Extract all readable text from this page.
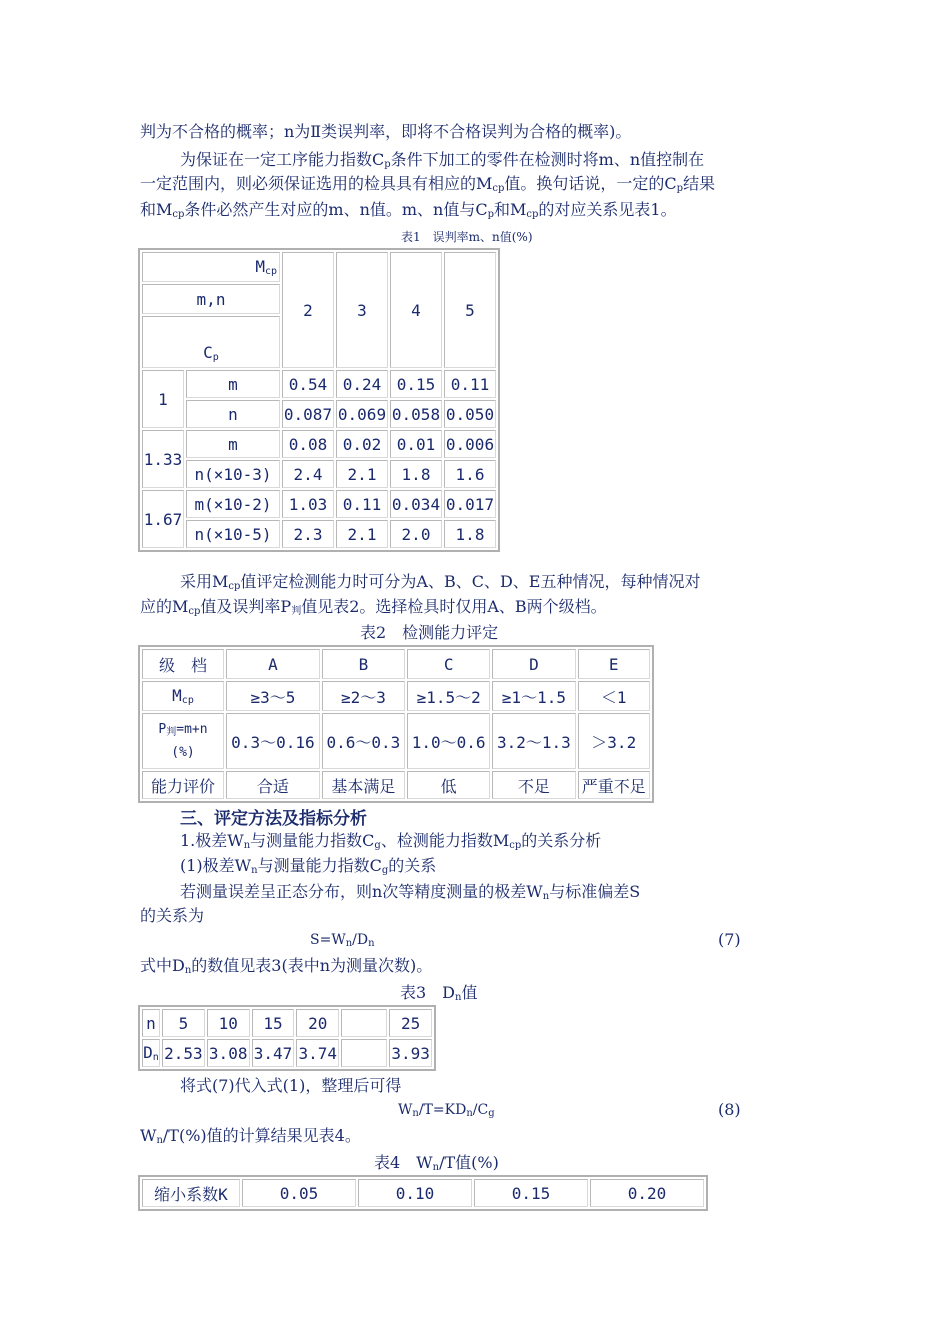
判为不合格的概率；n为Ⅱ类误判率，即将不合格误判为合格的概率)。
为保证在一定工序能力指数$C_p$条件下加工的零件在检测时将m、n值控制在
一定范围内，则必须保证选用的检具具有相应的$M_{cp}$值。换句话说，一定的$C_p$结果
和$M_{cp}$条件必然产生对应的m、n值。m、n值与$C_p$和$M_{cp}$的对应关系见表1。
表1　误判率m、n值(%)
$M_{cp}$		2	3	4	5
m,n					
$C_p$
1	m	0.54	0.24	0.15	0.11
	n	0.087	0.069	0.058	0.050
1.33	m	0.08	0.02	0.01	0.006
	n(×10-3)	2.4	2.1	1.8	1.6
1.67	m(×10-2)	1.03	0.11	0.034	0.017
	n(×10-5)	2.3	2.1	2.0	1.8
采用$M_{cp}$值评定检测能力时可分为A、B、C、D、E五种情况，每种情况对
应的$M_{cp}$值及误判率$P_判$值见表2。选择检具时仅用A、B两个级档。
表2　检测能力评定
级　档	A	B	C	D	E
$M_{cp}$	≥3～5	≥2～3	≥1.5～2	≥1～1.5	＜1
$P_判=m+n$
(%)	0.3～0.16	0.6～0.3	1.0～0.6	3.2～1.3	＞3.2
能力评价	合适	基本满足	低	不足	严重不足
三、评定方法及指标分析
1.极差$W_n$与测量能力指数$C_g$、检测能力指数$M_{cp}$的关系分析
(1)极差$W_n$与测量能力指数$C_g$的关系
若测量误差呈正态分布，则n次等精度测量的极差$W_n$与标准偏差S
的关系为
$S=W_n/D_n$	(7)
式中$D_n$的数值见表3(表中n为测量次数)。
表3　$D_n$值
n	5	10	15	20		25
$D_n$	2.53	3.08	3.47	3.74		3.93
将式(7)代入式(1)，整理后可得
$W_n/T=KD_n/C_g$	(8)
$W_n/T(\%)$值的计算结果见表4。
表4　$W_n/T$值(%)
缩小系数K	0.05	0.10	0.15	0.20
